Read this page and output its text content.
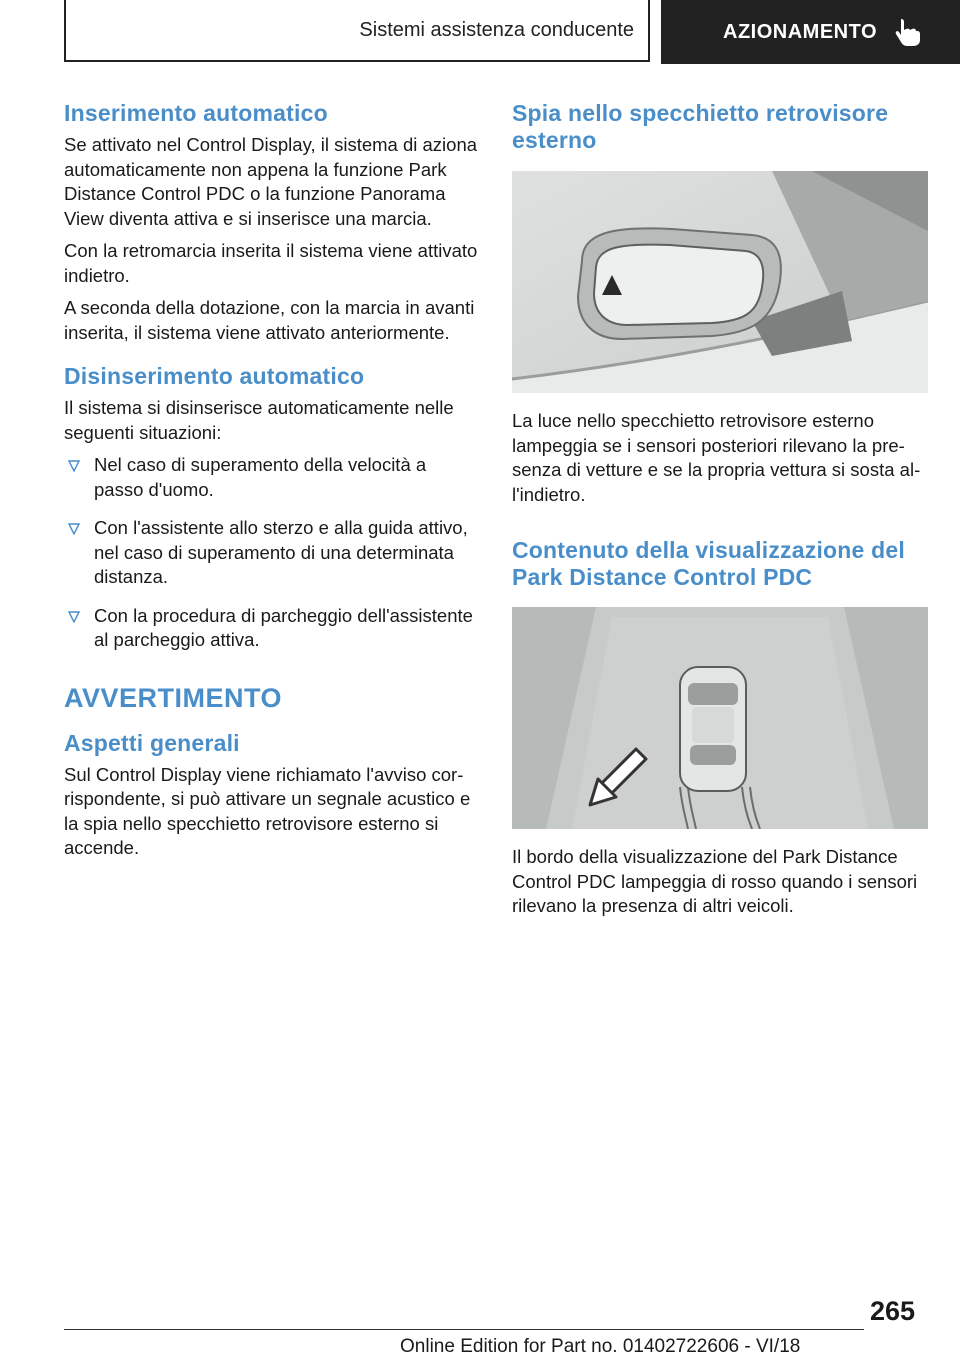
Sistemi assistenza conducente	AZIONAMENTO
Inserimento automatico

Se attivato nel Control Display, il sistema di aziona automaticamente non appena la funzione Park Distance Control PDC o la funzione Panorama View diventa attiva e si inserisce una marcia.

Con la retromarcia inserita il sistema viene attivato indietro.

A seconda della dotazione, con la marcia in avanti inserita, il sistema viene attivato anteriormente.

Disinserimento automatico

Il sistema si disinserisce automaticamente nelle seguenti situazioni:

Nel caso di superamento della velocità a passo d'uomo.
Con l'assistente allo sterzo e alla guida attivo, nel caso di superamento di una determinata distanza.
Con la procedura di parcheggio dell'assistente al parcheggio attiva.
AVVERTIMENTO
Aspetti generali

Sul Control Display viene richiamato l'avviso corrispondente, si può attivare un segnale acustico e la spia nello specchietto retrovisore esterno si accende.

Spia nello specchietto retrovisore esterno

La luce nello specchietto retrovisore esterno lampeggia se i sensori posteriori rilevano la presenza di vetture e se la propria vettura si sosta all'indietro.

Contenuto della visualizzazione del Park Distance Control PDC

Il bordo della visualizzazione del Park Distance Control PDC lampeggia di rosso quando i sensori rilevano la presenza di altri veicoli.

265
Online Edition for Part no. 01402722606 - VI/18
